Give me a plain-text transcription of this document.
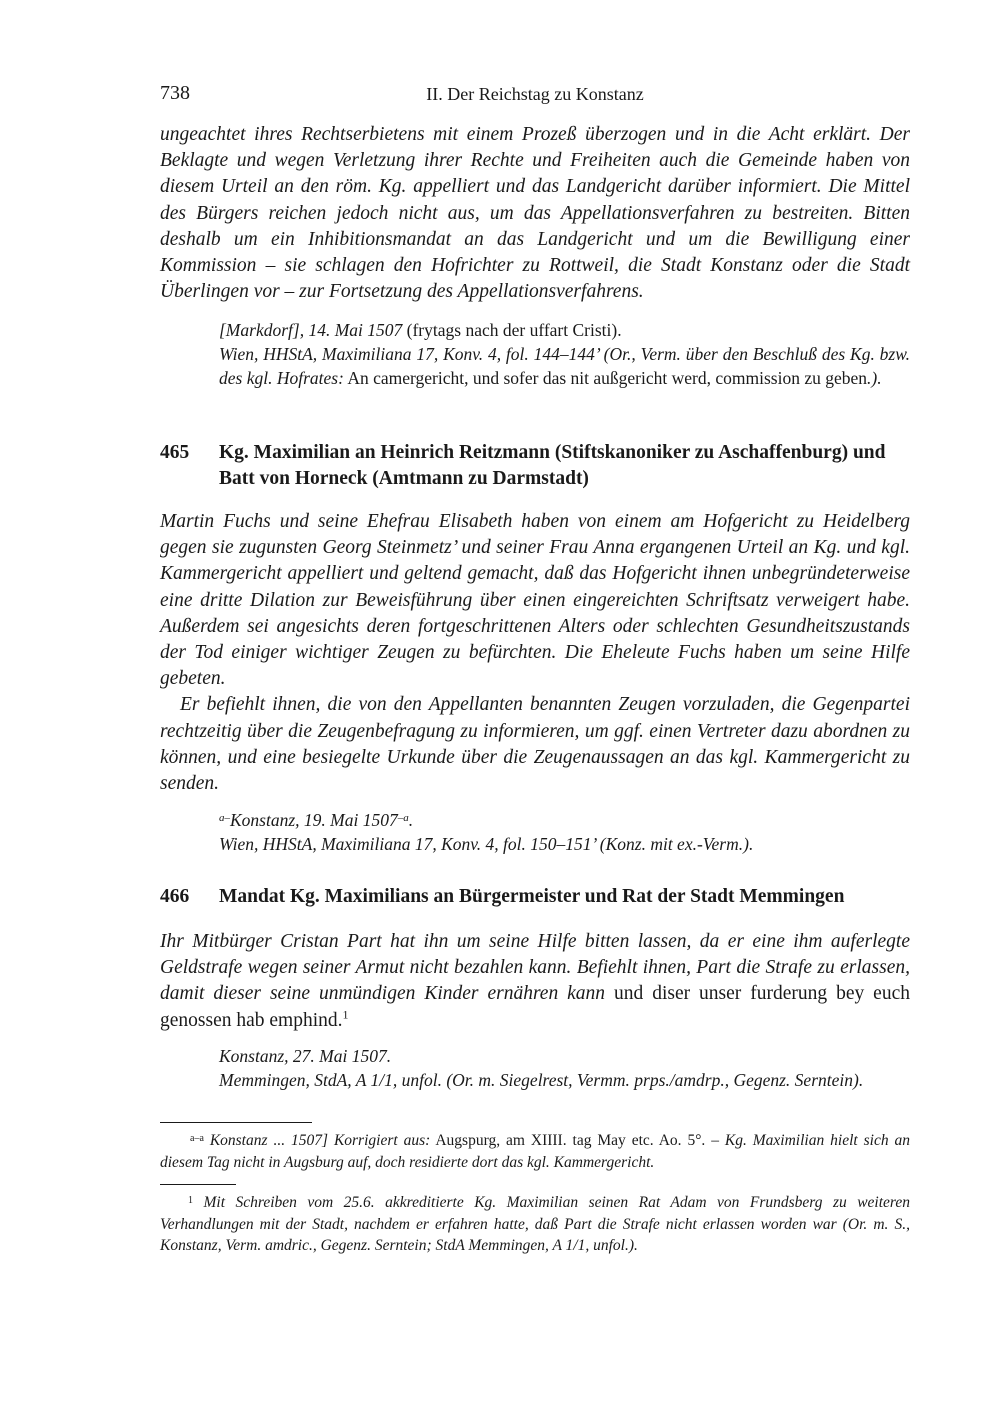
738	II. Der Reichstag zu Konstanz
ungeachtet ihres Rechtserbietens mit einem Prozeß überzogen und in die Acht erklärt. Der Beklagte und wegen Verletzung ihrer Rechte und Freiheiten auch die Gemeinde haben von diesem Urteil an den röm. Kg. appelliert und das Landgericht darüber informiert. Die Mittel des Bürgers reichen jedoch nicht aus, um das Appellationsverfahren zu bestreiten. Bitten deshalb um ein Inhibitionsmandat an das Landgericht und um die Bewilligung einer Kommission – sie schlagen den Hofrichter zu Rottweil, die Stadt Konstanz oder die Stadt Überlingen vor – zur Fortsetzung des Appellationsverfahrens.
[Markdorf], 14. Mai 1507 (frytags nach der uffart Cristi).
Wien, HHStA, Maximiliana 17, Konv. 4, fol. 144–144’ (Or., Verm. über den Beschluß des Kg. bzw. des kgl. Hofrates: An camergericht, und sofer das nit außgericht werd, commission zu geben.).
465 Kg. Maximilian an Heinrich Reitzmann (Stiftskanoniker zu Aschaffenburg) und Batt von Horneck (Amtmann zu Darmstadt)
Martin Fuchs und seine Ehefrau Elisabeth haben von einem am Hofgericht zu Heidelberg gegen sie zugunsten Georg Steinmetz’ und seiner Frau Anna ergangenen Urteil an Kg. und kgl. Kammergericht appelliert und geltend gemacht, daß das Hofgericht ihnen unbegründeterweise eine dritte Dilation zur Beweisführung über einen eingereichten Schriftsatz verweigert habe. Außerdem sei angesichts deren fortgeschrittenen Alters oder schlechten Gesundheitszustands der Tod einiger wichtiger Zeugen zu befürchten. Die Eheleute Fuchs haben um seine Hilfe gebeten.
Er befiehlt ihnen, die von den Appellanten benannten Zeugen vorzuladen, die Gegenpartei rechtzeitig über die Zeugenbefragung zu informieren, um ggf. einen Vertreter dazu abordnen zu können, und eine besiegelte Urkunde über die Zeugenaussagen an das kgl. Kammergericht zu senden.
$^{a-}$Konstanz, 19. Mai $1507^{-a}$.
Wien, HHStA, Maximiliana 17, Konv. 4, fol. 150–151’ (Konz. mit ex.-Verm.).
466 Mandat Kg. Maximilians an Bürgermeister und Rat der Stadt Memmingen
Ihr Mitbürger Cristan Part hat ihn um seine Hilfe bitten lassen, da er eine ihm auferlegte Geldstrafe wegen seiner Armut nicht bezahlen kann. Befiehlt ihnen, Part die Strafe zu erlassen, damit dieser seine unmündigen Kinder ernähren kann und diser unser furderung bey euch genossen hab emphind.$^1$
Konstanz, 27. Mai 1507.
Memmingen, StdA, A 1/1, unfol. (Or. m. Siegelrest, Vermm. prps./amdrp., Gegenz. Serntein).
$^{a-a}$ Konstanz ... 1507] Korrigiert aus: Augspurg, am XIIII. tag May etc. Ao. 5°. – Kg. Maximilian hielt sich an diesem Tag nicht in Augsburg auf, doch residierte dort das kgl. Kammergericht.
$^1$ Mit Schreiben vom 25.6. akkreditierte Kg. Maximilian seinen Rat Adam von Frundsberg zu weiteren Verhandlungen mit der Stadt, nachdem er erfahren hatte, daß Part die Strafe nicht erlassen worden war (Or. m. S., Konstanz, Verm. amdric., Gegenz. Serntein; StdA Memmingen, A 1/1, unfol.).
